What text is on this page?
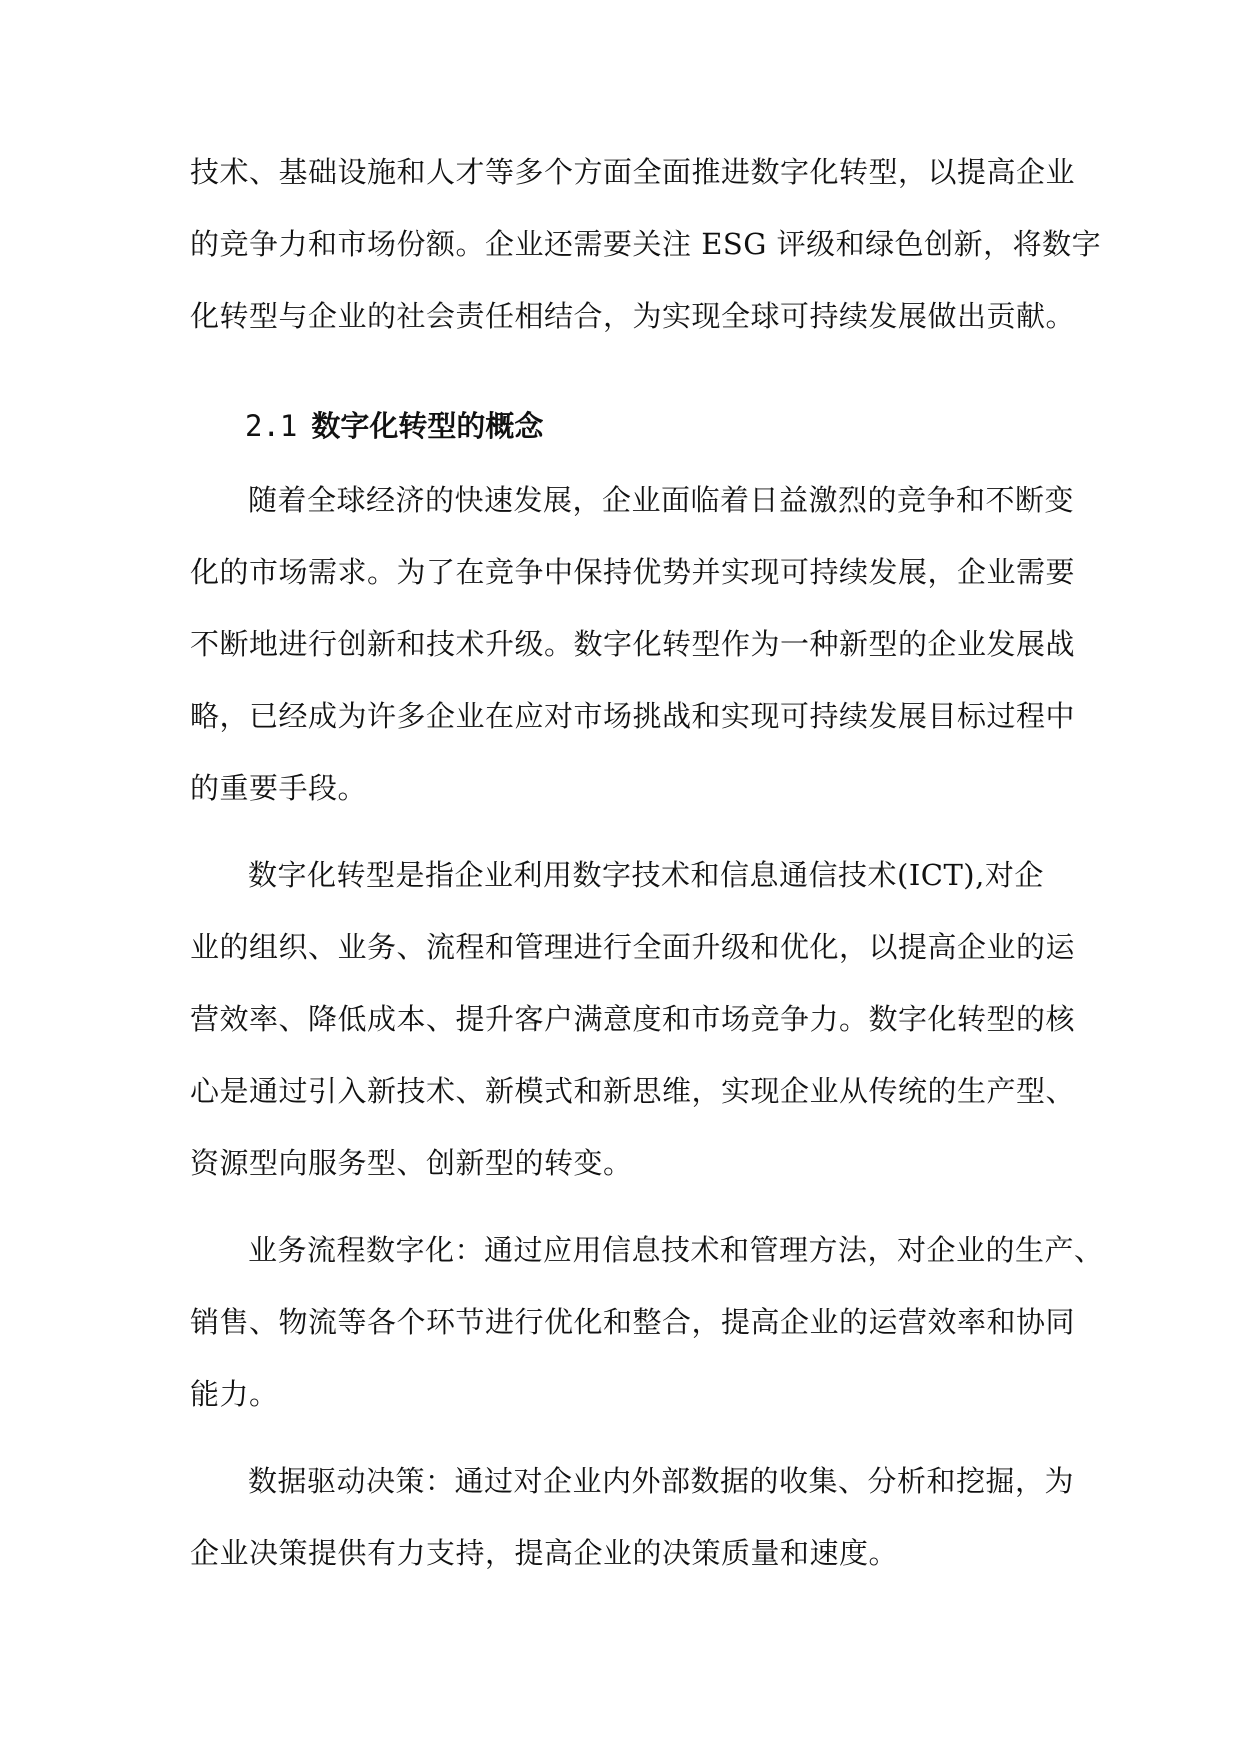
技术、基础设施和人才等多个方面全面推进数字化转型，以提高企业
的竞争力和市场份额。企业还需要关注 ESG 评级和绿色创新，将数字
化转型与企业的社会责任相结合，为实现全球可持续发展做出贡献。
2.1 数字化转型的概念
随着全球经济的快速发展，企业面临着日益激烈的竞争和不断变
化的市场需求。为了在竞争中保持优势并实现可持续发展，企业需要
不断地进行创新和技术升级。数字化转型作为一种新型的企业发展战
略，已经成为许多企业在应对市场挑战和实现可持续发展目标过程中
的重要手段。
数字化转型是指企业利用数字技术和信息通信技术(ICT),对企
业的组织、业务、流程和管理进行全面升级和优化，以提高企业的运
营效率、降低成本、提升客户满意度和市场竞争力。数字化转型的核
心是通过引入新技术、新模式和新思维，实现企业从传统的生产型、
资源型向服务型、创新型的转变。
业务流程数字化：通过应用信息技术和管理方法，对企业的生产、
销售、物流等各个环节进行优化和整合，提高企业的运营效率和协同
能力。
数据驱动决策：通过对企业内外部数据的收集、分析和挖掘，为
企业决策提供有力支持，提高企业的决策质量和速度。
